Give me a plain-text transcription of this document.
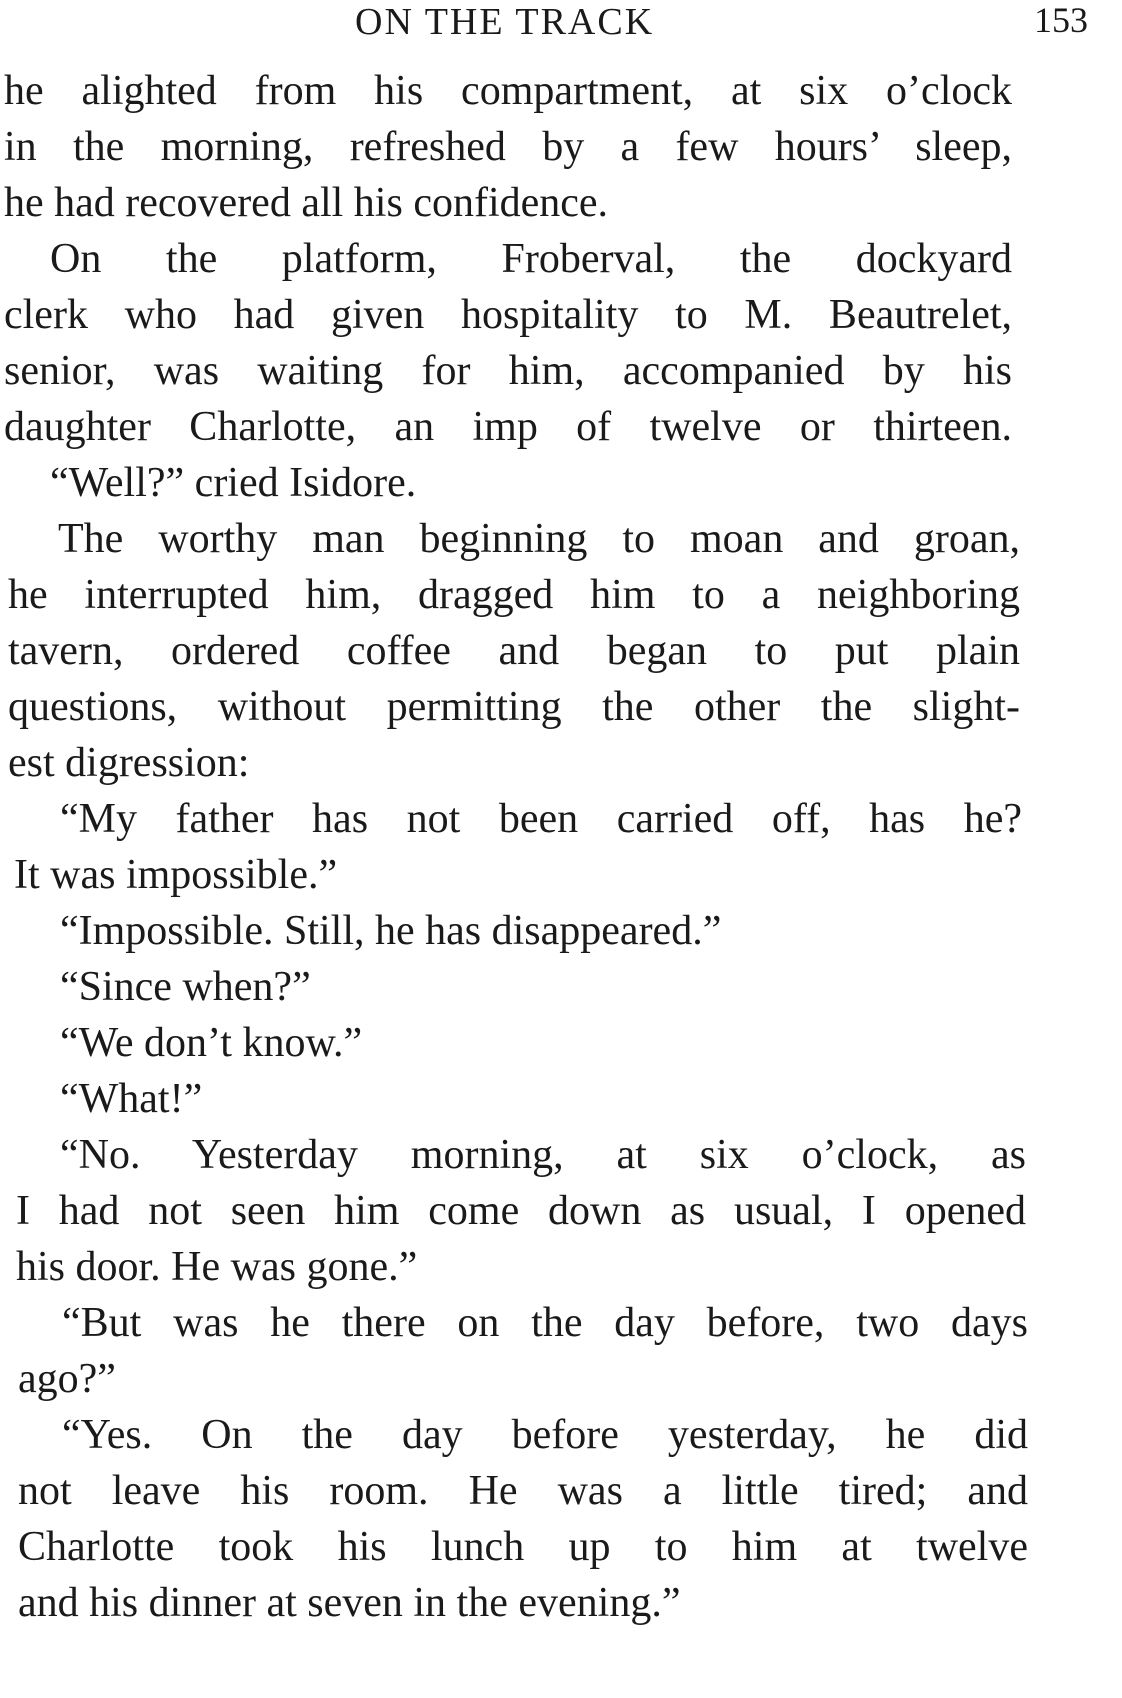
ON THE TRACK	153
he alighted from his compartment, at six o’clock
in the morning, refreshed by a few hours’ sleep,
he had recovered all his confidence.
On the platform, Froberval, the dockyard
clerk who had given hospitality to M. Beautrelet,
senior, was waiting for him, accompanied by his
daughter Charlotte, an imp of twelve or thirteen.
“Well?” cried Isidore.
The worthy man beginning to moan and groan,
he interrupted him, dragged him to a neighboring
tavern, ordered coffee and began to put plain
questions, without permitting the other the slight-
est digression:
“My father has not been carried off, has he?
It was impossible.”
“Impossible. Still, he has disappeared.”
“Since when?”
“We don’t know.”
“What!”
“No. Yesterday morning, at six o’clock, as
I had not seen him come down as usual, I opened
his door. He was gone.”
“But was he there on the day before, two days
ago?”
“Yes. On the day before yesterday, he did
not leave his room. He was a little tired; and
Charlotte took his lunch up to him at twelve
and his dinner at seven in the evening.”
